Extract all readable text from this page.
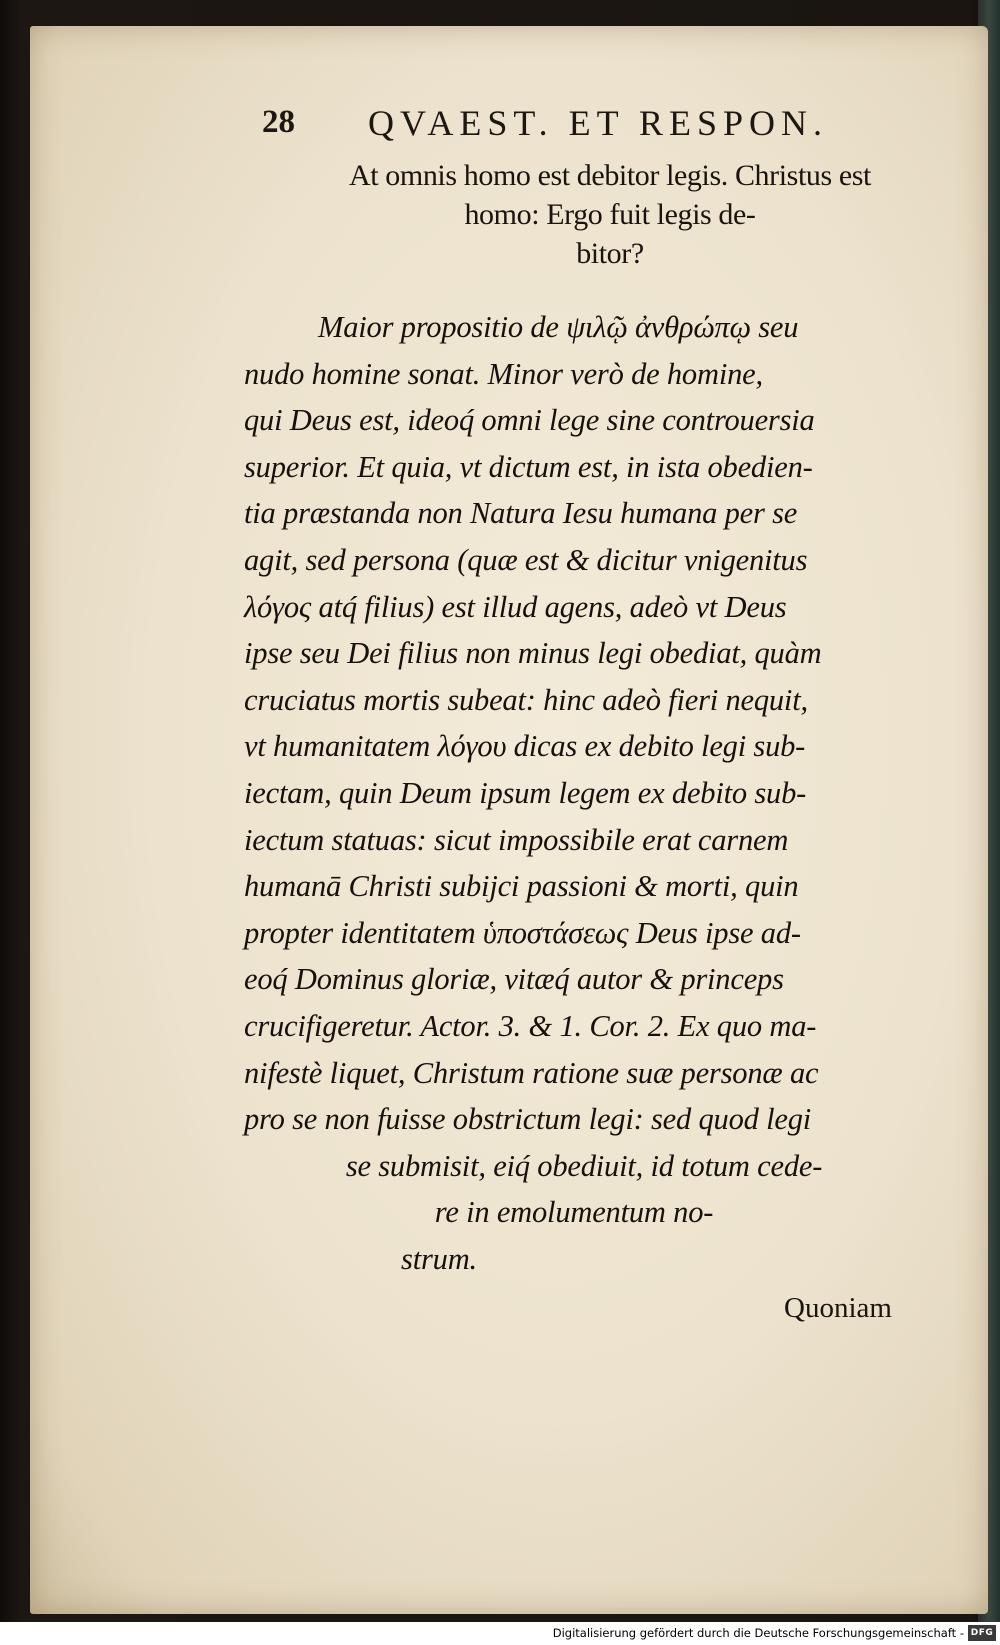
28 QVAEST. ET RESPON.
At omnis homo est debitor legis. Christus est
homo: Ergo fuit legis de-
bitor?
Maior propositio de ψιλῷ ἀνθρώπῳ seu
nudo homine sonat. Minor verò de homine,
qui Deus est, ideoq́ omni lege sine controuersia
superior. Et quia, vt dictum est, in ista obedien-
tia præstanda non Natura Iesu humana per se
agit, sed persona (quæ est & dicitur vnigenitus
λόγος atq́ filius) est illud agens, adeò vt Deus
ipse seu Dei filius non minus legi obediat, quàm
cruciatus mortis subeat: hinc adeò fieri nequit,
vt humanitatem λόγου dicas ex debito legi sub-
iectam, quin Deum ipsum legem ex debito sub-
iectum statuas: sicut impossibile erat carnem
humanā Christi subijci passioni & morti, quin
propter identitatem ὑποστάσεως Deus ipse ad-
eoq́ Dominus gloriæ, vitæq́ autor & princeps
crucifigeretur. Actor. 3. & 1. Cor. 2. Ex quo ma-
nifestè liquet, Christum ratione suæ personæ ac
pro se non fuisse obstrictum legi: sed quod legi
se submisit, eiq́ obediuit, id totum cede-
re in emolumentum no-
strum.
Quoniam
Digitalisierung gefördert durch die Deutsche Forschungsgemeinschaft - DFG
